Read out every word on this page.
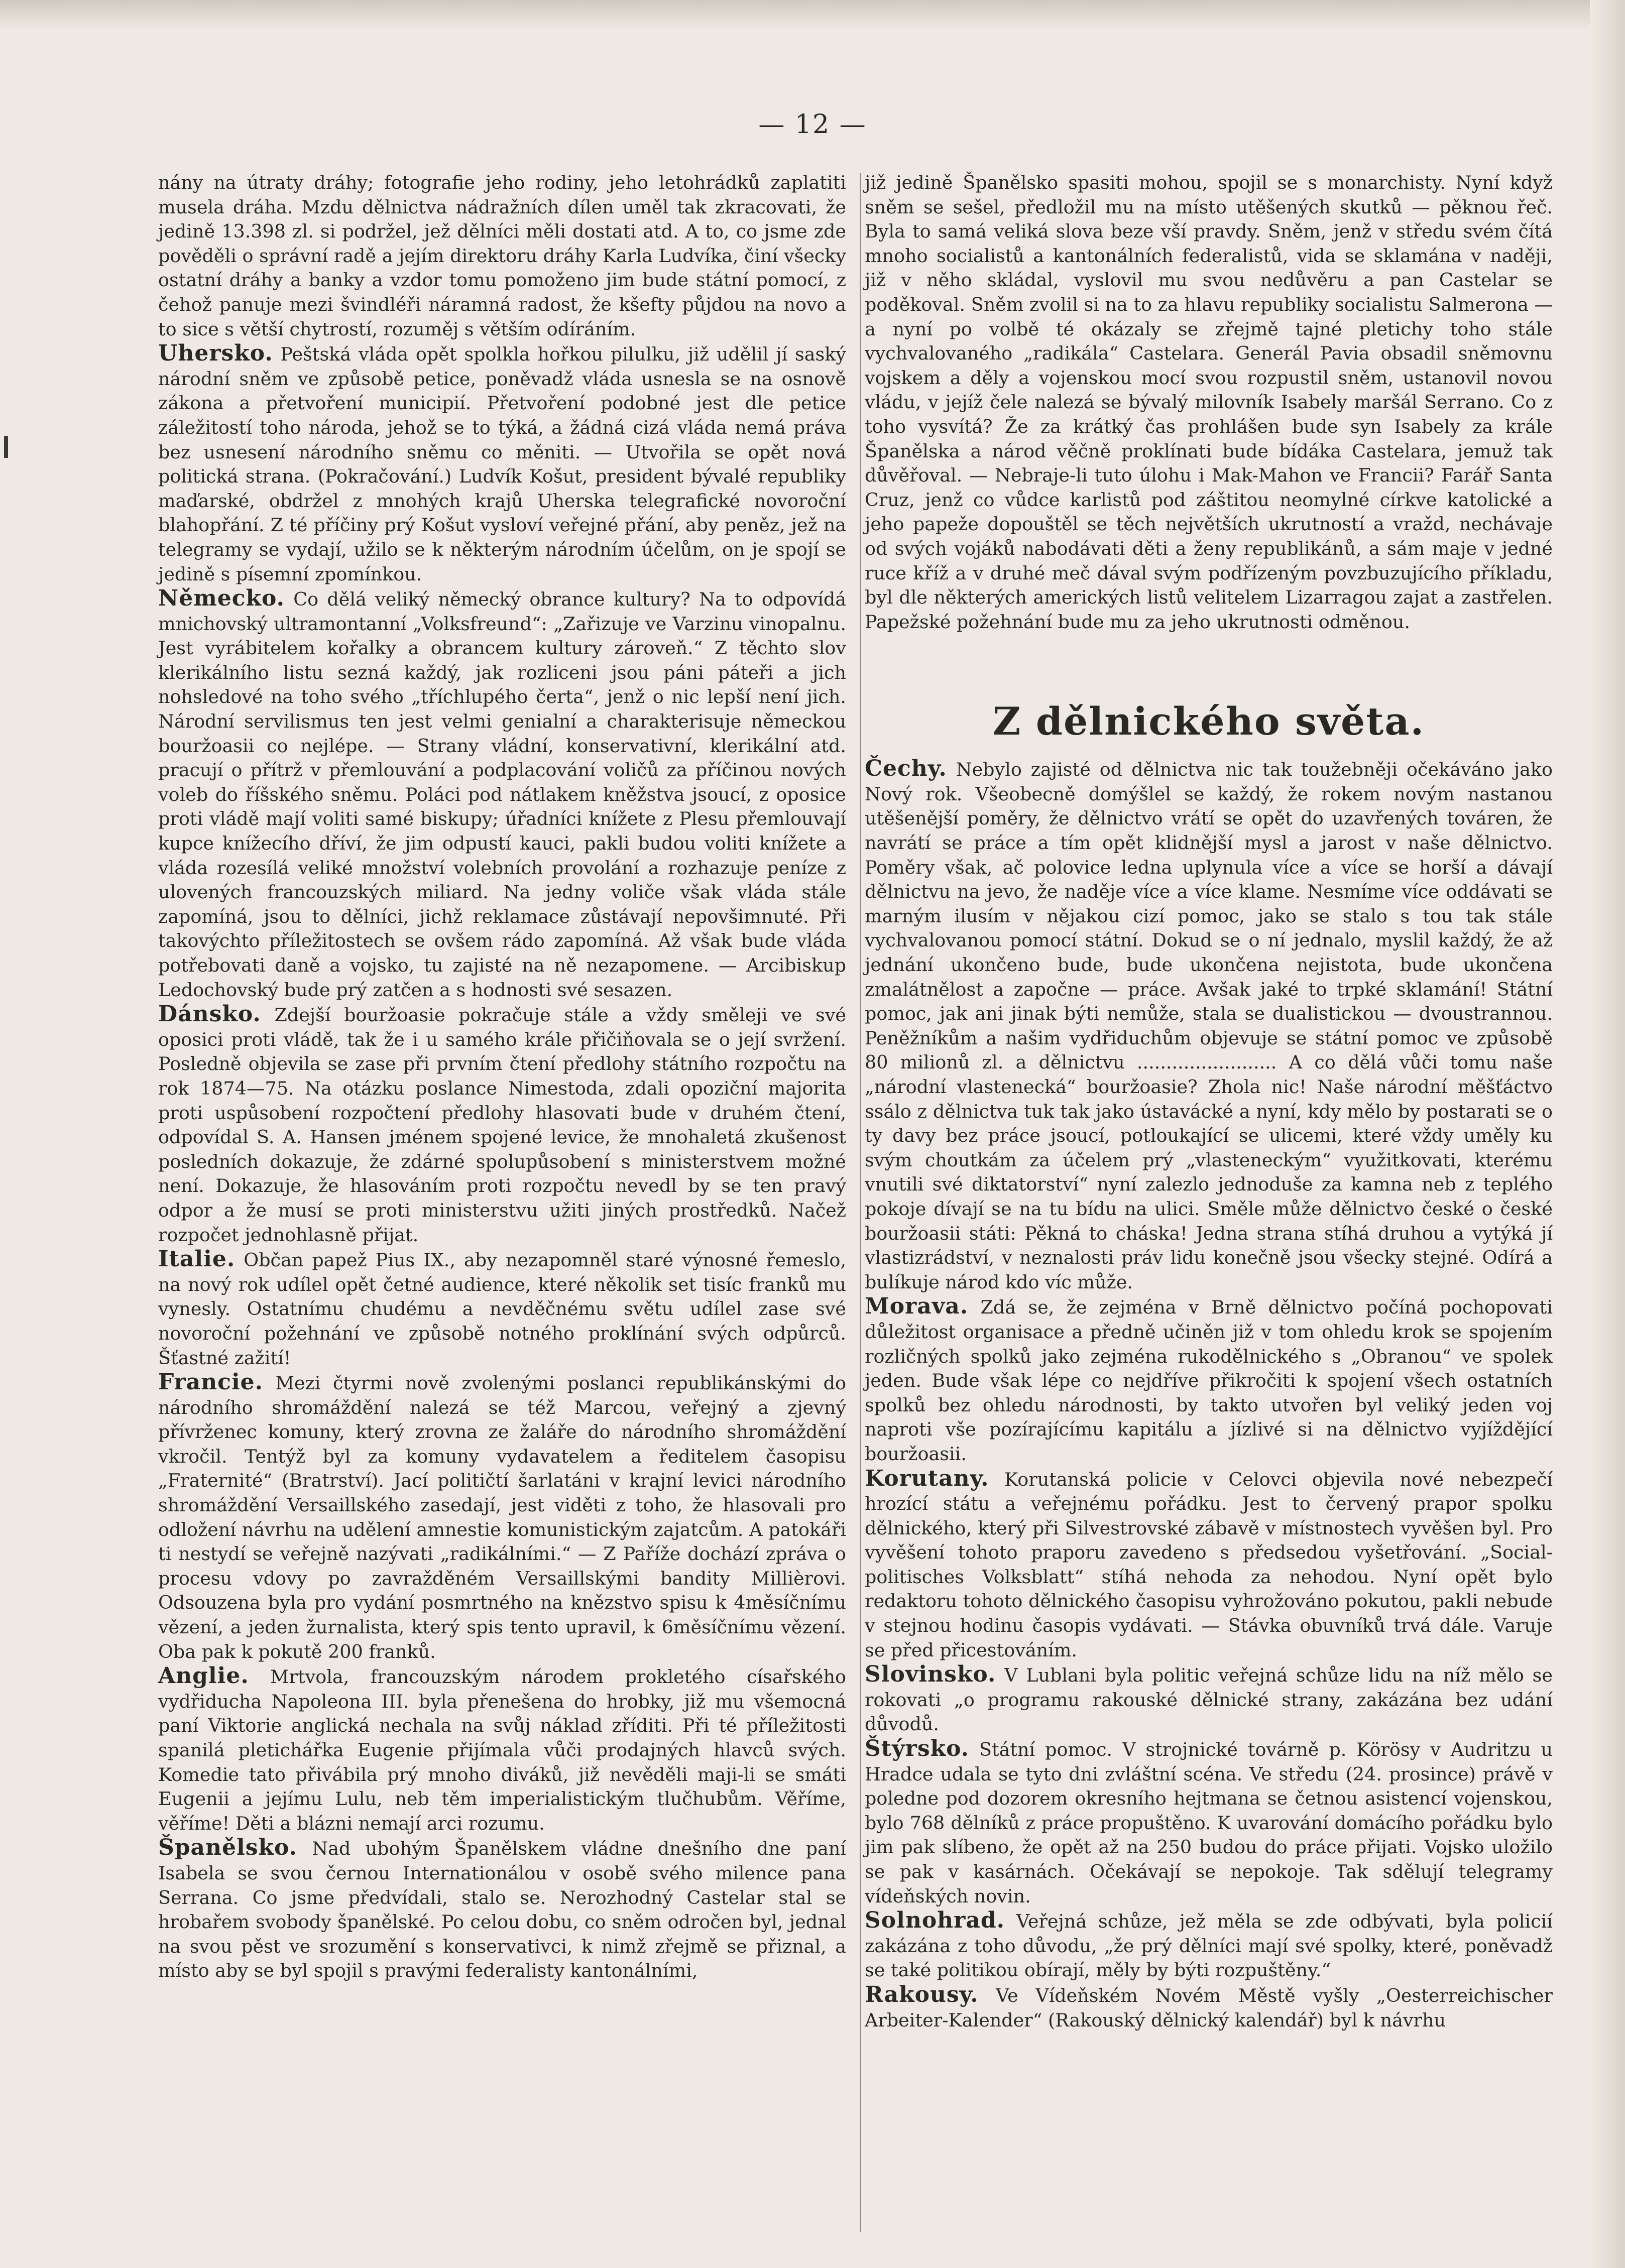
— 12 —

nány na útraty dráhy; fotografie jeho rodiny, jeho letohrádků zaplatiti musela dráha. Mzdu dělnictva nádražních dílen uměl tak zkracovati, že jedině 13.398 zl. si podržel, jež dělníci měli dostati atd. A to, co jsme zde pověděli o správní radě a jejím direktoru dráhy Karla Ludvíka, činí všecky ostatní dráhy a banky a vzdor tomu pomoženo jim bude státní pomocí, z čehož panuje mezi švindléři náramná radost, že kšefty půjdou na novo a to sice s větší chytrostí, rozuměj s větším odíráním.

Uhersko. Peštská vláda opět spolkla hořkou pilulku, již udělil jí saský národní sněm ve způsobě petice, poněvadž vláda usnesla se na osnově zákona a přetvoření municipií. Přetvoření podobné jest dle petice záležitostí toho národa, jehož se to týká, a žádná cizá vláda nemá práva bez usnesení národního sněmu co měniti. — Utvořila se opět nová politická strana. (Pokračování.) Ludvík Košut, president bývalé republiky maďarské, obdržel z mnohých krajů Uherska telegrafické novoroční blahopřání. Z té příčiny prý Košut vysloví veřejné přání, aby peněz, jež na telegramy se vydají, užilo se k některým národním účelům, on je spojí se jedině s písemní zpomínkou.

Německo. Co dělá veliký německý obrance kultury? Na to odpovídá mnichovský ultramontanní „Volksfreund“: „Zařizuje ve Varzinu vinopalnu. Jest vyrábitelem kořalky a obrancem kultury zároveň.“ Z těchto slov klerikálního listu sezná každý, jak rozliceni jsou páni páteři a jich nohsledové na toho svého „tříchlupého čerta“, jenž o nic lepší není jich. Národní servilismus ten jest velmi genialní a charakterisuje německou bouržoasii co nejlépe. — Strany vládní, konservativní, klerikální atd. pracují o přítrž v přemlouvání a podplacování voličů za příčinou nových voleb do říšského sněmu. Poláci pod nátlakem kněžstva jsoucí, z oposice proti vládě mají voliti samé biskupy; úřadníci knížete z Plesu přemlouvají kupce knížecího dříví, že jim odpustí kauci, pakli budou voliti knížete a vláda rozesílá veliké množství volebních provolání a rozhazuje peníze z ulovených francouzských miliard. Na jedny voliče však vláda stále zapomíná, jsou to dělníci, jichž reklamace zůstávají nepovšimnuté. Při takovýchto příležitostech se ovšem rádo zapomíná. Až však bude vláda potřebovati daně a vojsko, tu zajisté na ně nezapomene. — Arcibiskup Ledochovský bude prý zatčen a s hodnosti své sesazen.

Dánsko. Zdejší bouržoasie pokračuje stále a vždy směleji ve své oposici proti vládě, tak že i u samého krále přičiňovala se o její svržení. Posledně objevila se zase při prvním čtení předlohy státního rozpočtu na rok 1874—75. Na otázku poslance Nimestoda, zdali opoziční majorita proti uspůsobení rozpočtení předlohy hlasovati bude v druhém čtení, odpovídal S. A. Hansen jménem spojené levice, že mnohaletá zkušenost posledních dokazuje, že zdárné spolupůsobení s ministerstvem možné není. Dokazuje, že hlasováním proti rozpočtu nevedl by se ten pravý odpor a že musí se proti ministerstvu užiti jiných prostředků. Načež rozpočet jednohlasně přijat.

Italie. Občan papež Pius IX., aby nezapomněl staré výnosné řemeslo, na nový rok udílel opět četné audience, které několik set tisíc franků mu vynesly. Ostatnímu chudému a nevděčnému světu udílel zase své novoroční požehnání ve způsobě notného proklínání svých odpůrců. Šťastné zažití!

Francie. Mezi čtyrmi nově zvolenými poslanci republikánskými do národního shromáždění nalezá se též Marcou, veřejný a zjevný přívrženec komuny, který zrovna ze žaláře do národního shromáždění vkročil. Tentýž byl za komuny vydavatelem a ředitelem časopisu „Fraternité“ (Bratrství). Jací političtí šarlatáni v krajní levici národního shromáždění Versaillského zasedají, jest viděti z toho, že hlasovali pro odložení návrhu na udělení amnestie komunistickým zajatcům. A patokáři ti nestydí se veřejně nazývati „radikálními.“ — Z Paříže dochází zpráva o procesu vdovy po zavražděném Versaillskými bandity Millièrovi. Odsouzena byla pro vydání posmrtného na knězstvo spisu k 4měsíčnímu vězení, a jeden žurnalista, který spis tento upravil, k 6měsíčnímu vězení. Oba pak k pokutě 200 franků.

Anglie. Mrtvola, francouzským národem prokletého císařského vydřiducha Napoleona III. byla přenešena do hrobky, již mu všemocná paní Viktorie anglická nechala na svůj náklad zříditi. Při té příležitosti spanilá pletichářka Eugenie přijímala vůči prodajných hlavců svých. Komedie tato přivábila prý mnoho diváků, již nevěděli maji-li se smáti Eugenii a jejímu Lulu, neb těm imperialistickým tlučhubům. Věříme, věříme! Děti a blázni nemají arci rozumu.

Španělsko. Nad ubohým Španělskem vládne dnešního dne paní Isabela se svou černou Internationálou v osobě svého milence pana Serrana. Co jsme předvídali, stalo se. Nerozhodný Castelar stal se hrobařem svobody španělské. Po celou dobu, co sněm odročen byl, jednal na svou pěst ve srozumění s konservativci, k nimž zřejmě se přiznal, a místo aby se byl spojil s pravými federalisty kantonálními,

již jedině Španělsko spasiti mohou, spojil se s monarchisty. Nyní když sněm se sešel, předložil mu na místo utěšených skutků — pěknou řeč. Byla to samá veliká slova beze vší pravdy. Sněm, jenž v středu svém čítá mnoho socialistů a kantonálních federalistů, vida se sklamána v naději, již v něho skládal, vyslovil mu svou nedůvěru a pan Castelar se poděkoval. Sněm zvolil si na to za hlavu republiky socialistu Salmerona — a nyní po volbě té okázaly se zřejmě tajné pletichy toho stále vychvalovaného „radikála“ Castelara. Generál Pavia obsadil sněmovnu vojskem a děly a vojenskou mocí svou rozpustil sněm, ustanovil novou vládu, v jejíž čele nalezá se bývalý milovník Isabely maršál Serrano. Co z toho vysvítá? Že za krátký čas prohlášen bude syn Isabely za krále Španělska a národ věčně proklínati bude bídáka Castelara, jemuž tak důvěřoval. — Nebraje-li tuto úlohu i Mak-Mahon ve Francii? Farář Santa Cruz, jenž co vůdce karlistů pod záštitou neomylné církve katolické a jeho papeže dopouštěl se těch největších ukrutností a vražd, nechávaje od svých vojáků nabodávati děti a ženy republikánů, a sám maje v jedné ruce kříž a v druhé meč dával svým podřízeným povzbuzujícího příkladu, byl dle některých amerických listů velitelem Lizarragou zajat a zastřelen. Papežské požehnání bude mu za jeho ukrutnosti odměnou.

Z dělnického světa.

Čechy. Nebylo zajisté od dělnictva nic tak toužebněji očekáváno jako Nový rok. Všeobecně domýšlel se každý, že rokem novým nastanou utěšenější poměry, že dělnictvo vrátí se opět do uzavřených továren, že navrátí se práce a tím opět klidnější mysl a jarost v naše dělnictvo. Poměry však, ač polovice ledna uplynula více a více se horší a dávají dělnictvu na jevo, že naděje více a více klame. Nesmíme více oddávati se marným ilusím v nějakou cizí pomoc, jako se stalo s tou tak stále vychvalovanou pomocí státní. Dokud se o ní jednalo, myslil každý, že až jednání ukončeno bude, bude ukončena nejistota, bude ukončena zmalátnělost a započne — práce. Avšak jaké to trpké sklamání! Státní pomoc, jak ani jinak býti nemůže, stala se dualistickou — dvoustrannou. Peněžníkům a našim vydřiduchům objevuje se státní pomoc ve způsobě 80 milionů zl. a dělnictvu ........................ A co dělá vůči tomu naše „národní vlastenecká“ bouržoasie? Zhola nic! Naše národní měšťáctvo ssálo z dělnictva tuk tak jako ústavácké a nyní, kdy mělo by postarati se o ty davy bez práce jsoucí, potloukající se ulicemi, které vždy uměly ku svým choutkám za účelem prý „vlasteneckým“ využitkovati, kterému vnutili své diktatorství“ nyní zalezlo jednoduše za kamna neb z teplého pokoje dívají se na tu bídu na ulici. Směle může dělnictvo české o české bouržoasii státi: Pěkná to cháska! Jedna strana stíhá druhou a vytýká jí vlastizrádství, v neznalosti práv lidu konečně jsou všecky stejné. Odírá a bulíkuje národ kdo víc může.

Morava. Zdá se, že zejména v Brně dělnictvo počíná pochopovati důležitost organisace a předně učiněn již v tom ohledu krok se spojením rozličných spolků jako zejména rukodělnického s „Obranou“ ve spolek jeden. Bude však lépe co nejdříve přikročiti k spojení všech ostatních spolků bez ohledu národnosti, by takto utvořen byl veliký jeden voj naproti vše pozírajícímu kapitálu a jízlivé si na dělnictvo vyjíždějící bouržoasii.

Korutany. Korutanská policie v Celovci objevila nové nebezpečí hrozící státu a veřejnému pořádku. Jest to červený prapor spolku dělnického, který při Silvestrovské zábavě v místnostech vyvěšen byl. Pro vyvěšení tohoto praporu zavedeno s předsedou vyšetřování. „Social-politisches Volksblatt“ stíhá nehoda za nehodou. Nyní opět bylo redaktoru tohoto dělnického časopisu vyhrožováno pokutou, pakli nebude v stejnou hodinu časopis vydávati. — Stávka obuvníků trvá dále. Varuje se před přicestováním.

Slovinsko. V Lublani byla politic veřejná schůze lidu na níž mělo se rokovati „o programu rakouské dělnické strany, zakázána bez udání důvodů.

Štýrsko. Státní pomoc. V strojnické továrně p. Körösy v Audritzu u Hradce udala se tyto dni zvláštní scéna. Ve středu (24. prosince) právě v poledne pod dozorem okresního hejtmana se četnou asistencí vojenskou, bylo 768 dělníků z práce propuštěno. K uvarování domácího pořádku bylo jim pak slíbeno, že opět až na 250 budou do práce přijati. Vojsko uložilo se pak v kasárnách. Očekávají se nepokoje. Tak sdělují telegramy vídeňských novin.

Solnohrad. Veřejná schůze, jež měla se zde odbývati, byla policií zakázána z toho důvodu, „že prý dělníci mají své spolky, které, poněvadž se také politikou obírají, měly by býti rozpuštěny.“

Rakousy. Ve Vídeňském Novém Městě vyšly „Oesterreichischer Arbeiter-Kalender“ (Rakouský dělnický kalendář) byl k návrhu
